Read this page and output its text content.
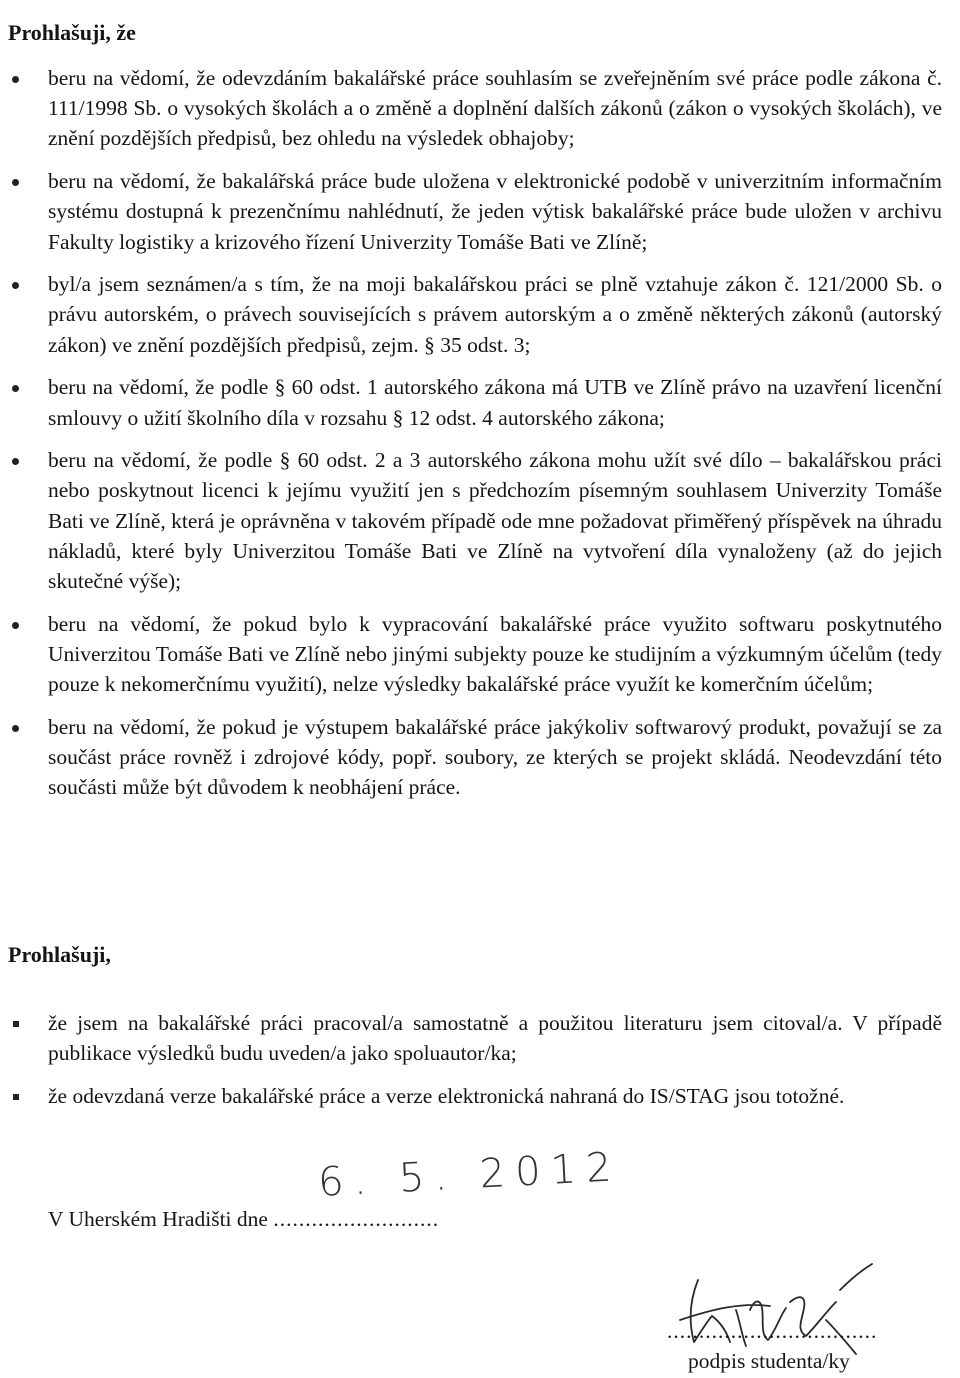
Prohlašuji, že
beru na vědomí, že odevzdáním bakalářské práce souhlasím se zveřejněním své práce podle zákona č. 111/1998 Sb. o vysokých školách a o změně a doplnění dalších zákonů (zákon o vysokých školách), ve znění pozdějších předpisů, bez ohledu na výsledek obhajoby;
beru na vědomí, že bakalářská práce bude uložena v elektronické podobě v univerzitním informačním systému dostupná k prezenčnímu nahlédnutí, že jeden výtisk bakalářské práce bude uložen v archivu Fakulty logistiky a krizového řízení Univerzity Tomáše Bati ve Zlíně;
byl/a jsem seznámen/a s tím, že na moji bakalářskou práci se plně vztahuje zákon č. 121/2000 Sb. o právu autorském, o právech souvisejících s právem autorským a o změně některých zákonů (autorský zákon) ve znění pozdějších předpisů, zejm. § 35 odst. 3;
beru na vědomí, že podle § 60 odst. 1 autorského zákona má UTB ve Zlíně právo na uzavření licenční smlouvy o užití školního díla v rozsahu § 12 odst. 4 autorského zákona;
beru na vědomí, že podle § 60 odst. 2 a 3 autorského zákona mohu užít své dílo – bakalářskou práci nebo poskytnout licenci k jejímu využití jen s předchozím písemným souhlasem Univerzity Tomáše Bati ve Zlíně, která je oprávněna v takovém případě ode mne požadovat přiměřený příspěvek na úhradu nákladů, které byly Univerzitou Tomáše Bati ve Zlíně na vytvoření díla vynaloženy (až do jejich skutečné výše);
beru na vědomí, že pokud bylo k vypracování bakalářské práce využito softwaru poskytnutého Univerzitou Tomáše Bati ve Zlíně nebo jinými subjekty pouze ke studijním a výzkumným účelům (tedy pouze k nekomerčnímu využití), nelze výsledky bakalářské práce využít ke komerčním účelům;
beru na vědomí, že pokud je výstupem bakalářské práce jakýkoliv softwarový produkt, považují se za součást práce rovněž i zdrojové kódy, popř. soubory, ze kterých se projekt skládá. Neodevzdání této součásti může být důvodem k neobhájení práce.
Prohlašuji,
že jsem na bakalářské práci pracoval/a samostatně a použitou literaturu jsem citoval/a. V případě publikace výsledků budu uveden/a jako spoluautor/ka;
že odevzdaná verze bakalářské práce a verze elektronická nahraná do IS/STAG jsou totožné.
V Uherském Hradišti dne ..........................
6. 5. 2012
.................................
podpis studenta/ky
